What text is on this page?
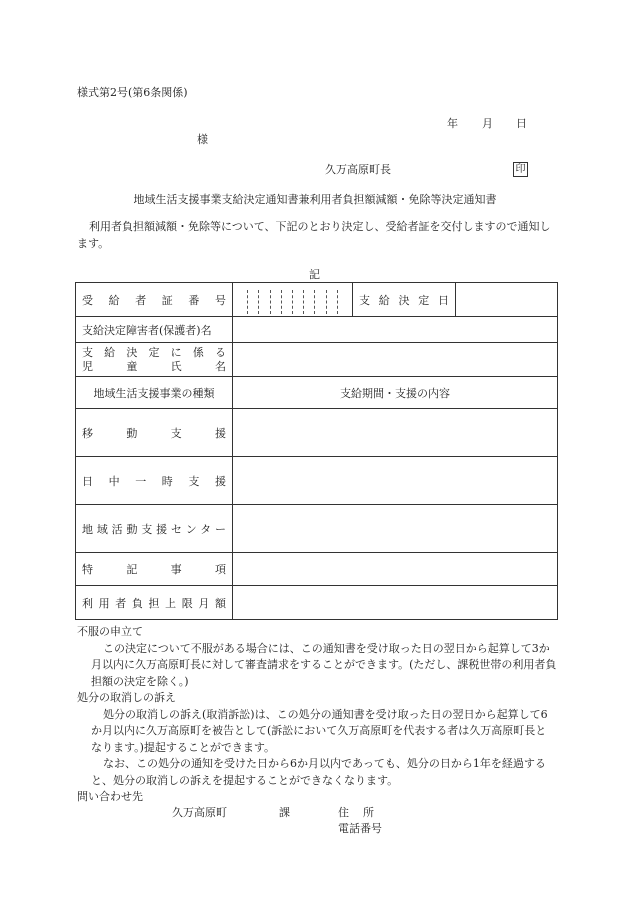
様式第2号(第6条関係)
年 月 日
様
久万高原町長	印
地域生活支援事業支給決定通知書兼利用者負担額減額・免除等決定通知書
利用者負担額減額・免除等について、下記のとおり決定し、受給者証を交付しますので通知します。
記
受給者証番号		支給決定日	

支給決定障害者(保護者)名			

支給決定に係る
児童氏名			

地域生活支援事業の種類	支給期間・支援の内容		

移動支援			

日中一時支援			

地域活動支援センター			

特記事項			

利用者負担上限月額			

不服の申立て

この決定について不服がある場合には、この通知書を受け取った日の翌日から起算して3か月以内に久万高原町長に対して審査請求をすることができます。(ただし、課税世帯の利用者負担額の決定を除く。)

処分の取消しの訴え

処分の取消しの訴え(取消訴訟)は、この処分の通知書を受け取った日の翌日から起算して6か月以内に久万高原町を被告として(訴訟において久万高原町を代表する者は久万高原町長となります。)提起することができます。

なお、この処分の通知を受けた日から6か月以内であっても、処分の日から1年を経過すると、処分の取消しの訴えを提起することができなくなります。

問い合わせ先

久万高原町	課	住所
電話番号
